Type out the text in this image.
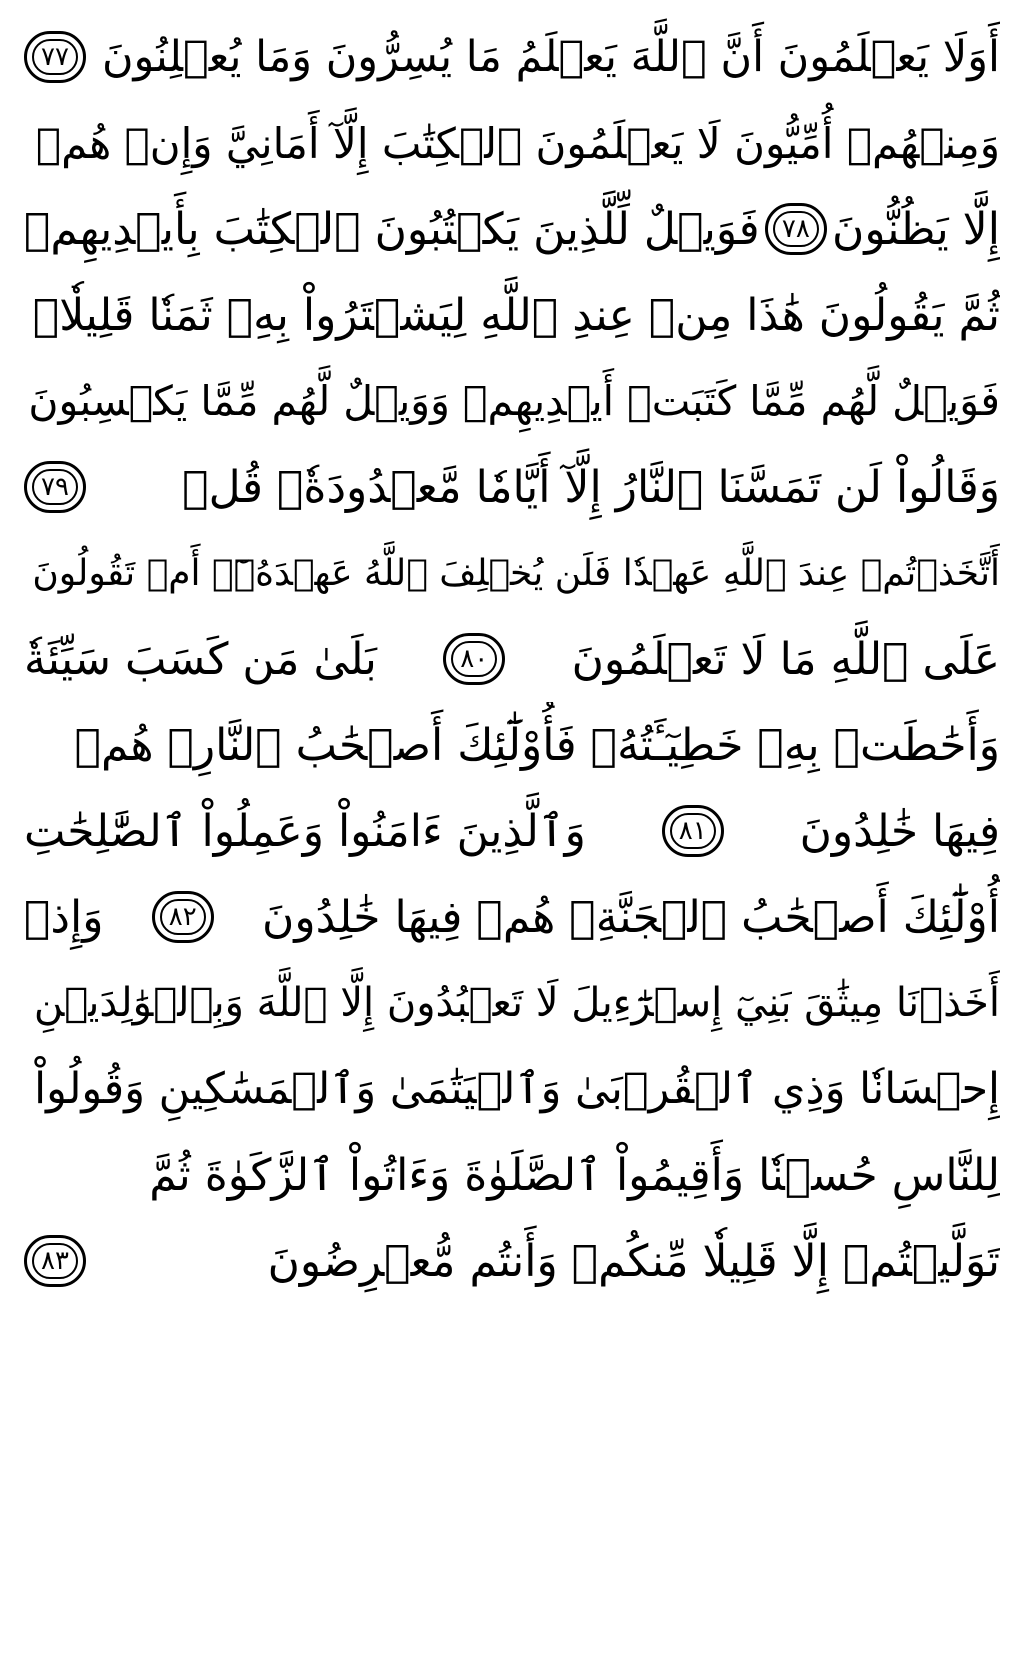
أَوَلَا يَعۡلَمُونَ أَنَّ ٱللَّهَ يَعۡلَمُ مَا يُسِرُّونَ وَمَا يُعۡلِنُونَ
٧٧
وَمِنۡهُمۡ أُمِّيُّونَ لَا يَعۡلَمُونَ ٱلۡكِتَٰبَ إِلَّآ أَمَانِيَّ وَإِنۡ هُمۡ
إِلَّا يَظُنُّونَ
٧٨
فَوَيۡلٌ لِّلَّذِينَ يَكۡتُبُونَ ٱلۡكِتَٰبَ بِأَيۡدِيهِمۡ
ثُمَّ يَقُولُونَ هَٰذَا مِنۡ عِندِ ٱللَّهِ لِيَشۡتَرُواْ بِهِۦ ثَمَنٗا قَلِيلٗاۖ
فَوَيۡلٌ لَّهُم مِّمَّا كَتَبَتۡ أَيۡدِيهِمۡ وَوَيۡلٌ لَّهُم مِّمَّا يَكۡسِبُونَ
وَقَالُواْ لَن تَمَسَّنَا ٱلنَّارُ إِلَّآ أَيَّامٗا مَّعۡدُودَةٗۚ قُلۡ
٧٩
أَتَّخَذۡتُمۡ عِندَ ٱللَّهِ عَهۡدٗا فَلَن يُخۡلِفَ ٱللَّهُ عَهۡدَهُۥٓۖ أَمۡ تَقُولُونَ
عَلَى ٱللَّهِ مَا لَا تَعۡلَمُونَ
٨٠
بَلَىٰ مَن كَسَبَ سَيِّئَةٗ
وَأَحَٰطَتۡ بِهِۦ خَطِيٓـَٔتُهُۥ فَأُوْلَٰٓئِكَ أَصۡحَٰبُ ٱلنَّارِۖ هُمۡ
فِيهَا خَٰلِدُونَ
٨١
وَٱلَّذِينَ ءَامَنُواْ وَعَمِلُواْ ٱلصَّٰلِحَٰتِ
أُوْلَٰٓئِكَ أَصۡحَٰبُ ٱلۡجَنَّةِۖ هُمۡ فِيهَا خَٰلِدُونَ
٨٢
وَإِذۡ
أَخَذۡنَا مِيثَٰقَ بَنِيٓ إِسۡرَٰٓءِيلَ لَا تَعۡبُدُونَ إِلَّا ٱللَّهَ وَبِٱلۡوَٰلِدَيۡنِ
إِحۡسَانٗا وَذِي ٱلۡقُرۡبَىٰ وَٱلۡيَتَٰمَىٰ وَٱلۡمَسَٰكِينِ وَقُولُواْ
لِلنَّاسِ حُسۡنٗا وَأَقِيمُواْ ٱلصَّلَوٰةَ وَءَاتُواْ ٱلزَّكَوٰةَ ثُمَّ
تَوَلَّيۡتُمۡ إِلَّا قَلِيلٗا مِّنكُمۡ وَأَنتُم مُّعۡرِضُونَ
٨٣
